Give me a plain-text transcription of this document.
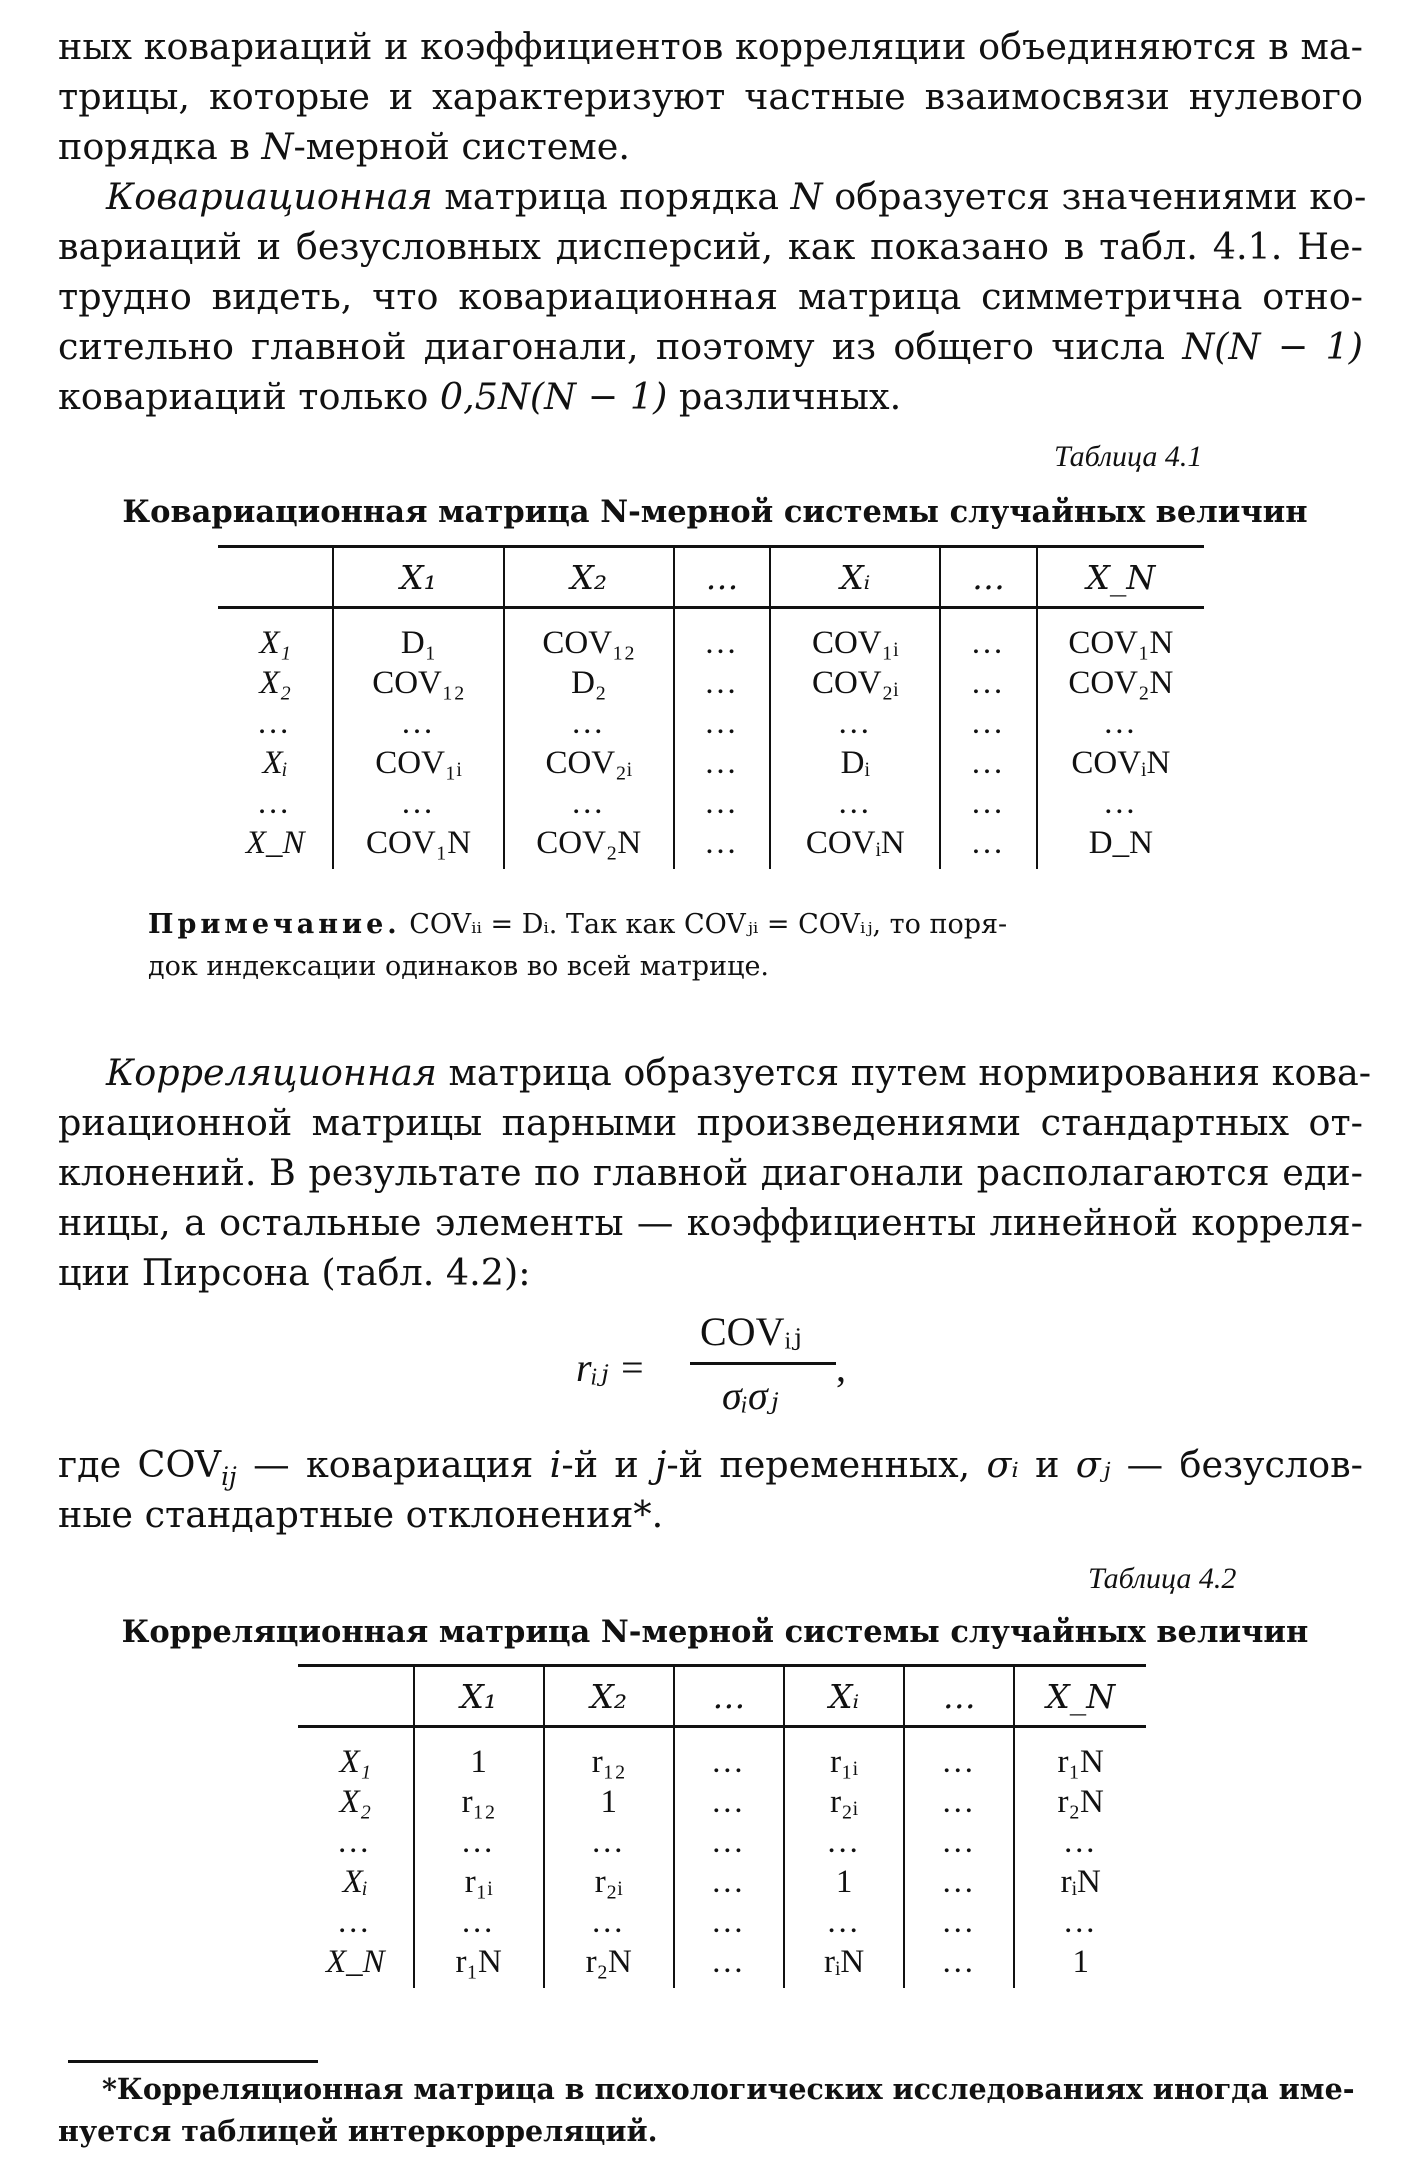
ных ковариаций и коэффициентов корреляции объединяются в ма-
трицы, которые и характеризуют частные взаимосвязи нулевого
порядка в N-мерной системе.
Ковариационная матрица порядка N образуется значениями ко-
вариаций и безусловных дисперсий, как показано в табл. 4.1. Не-
трудно видеть, что ковариационная матрица симметрична отно-
сительно главной диагонали, поэтому из общего числа N(N − 1)
ковариаций только 0,5N(N − 1) различных.
Таблица 4.1
Ковариационная матрица N-мерной системы случайных величин
	X₁	X₂	…	Xᵢ	…	X_N
X₁	D₁	COV₁₂	…	COV₁ᵢ	…	COV₁N
X₂	COV₁₂	D₂	…	COV₂ᵢ	…	COV₂N
…	…	…	…	…	…	…
Xᵢ	COV₁ᵢ	COV₂ᵢ	…	Dᵢ	…	COVᵢN
…	…	…	…	…	…	…
X_N	COV₁N	COV₂N	…	COVᵢN	…	D_N
Примечание. COVᵢᵢ = Dᵢ. Так как COVⱼᵢ = COVᵢⱼ, то поря-
док индексации одинаков во всей матрице.
Корреляционная матрица образуется путем нормирования кова-
риационной матрицы парными произведениями стандартных от-
клонений. В результате по главной диагонали располагаются еди-
ницы, а остальные элементы — коэффициенты линейной корреля-
ции Пирсона (табл. 4.2):
rᵢⱼ =
COVᵢⱼ
σᵢσⱼ
,
где $COV_{ij}$ — ковариация i-й и j-й переменных, σᵢ и σⱼ — безуслов-
ные стандартные отклонения*.
Таблица 4.2
Корреляционная матрица N-мерной системы случайных величин
	X₁	X₂	…	Xᵢ	…	X_N
X₁	1	r₁₂	…	r₁ᵢ	…	r₁N
X₂	r₁₂	1	…	r₂ᵢ	…	r₂N
…	…	…	…	…	…	…
Xᵢ	r₁ᵢ	r₂ᵢ	…	1	…	rᵢN
…	…	…	…	…	…	…
X_N	r₁N	r₂N	…	rᵢN	…	1
*Корреляционная матрица в психологических исследованиях иногда име-
нуется таблицей интеркорреляций.
